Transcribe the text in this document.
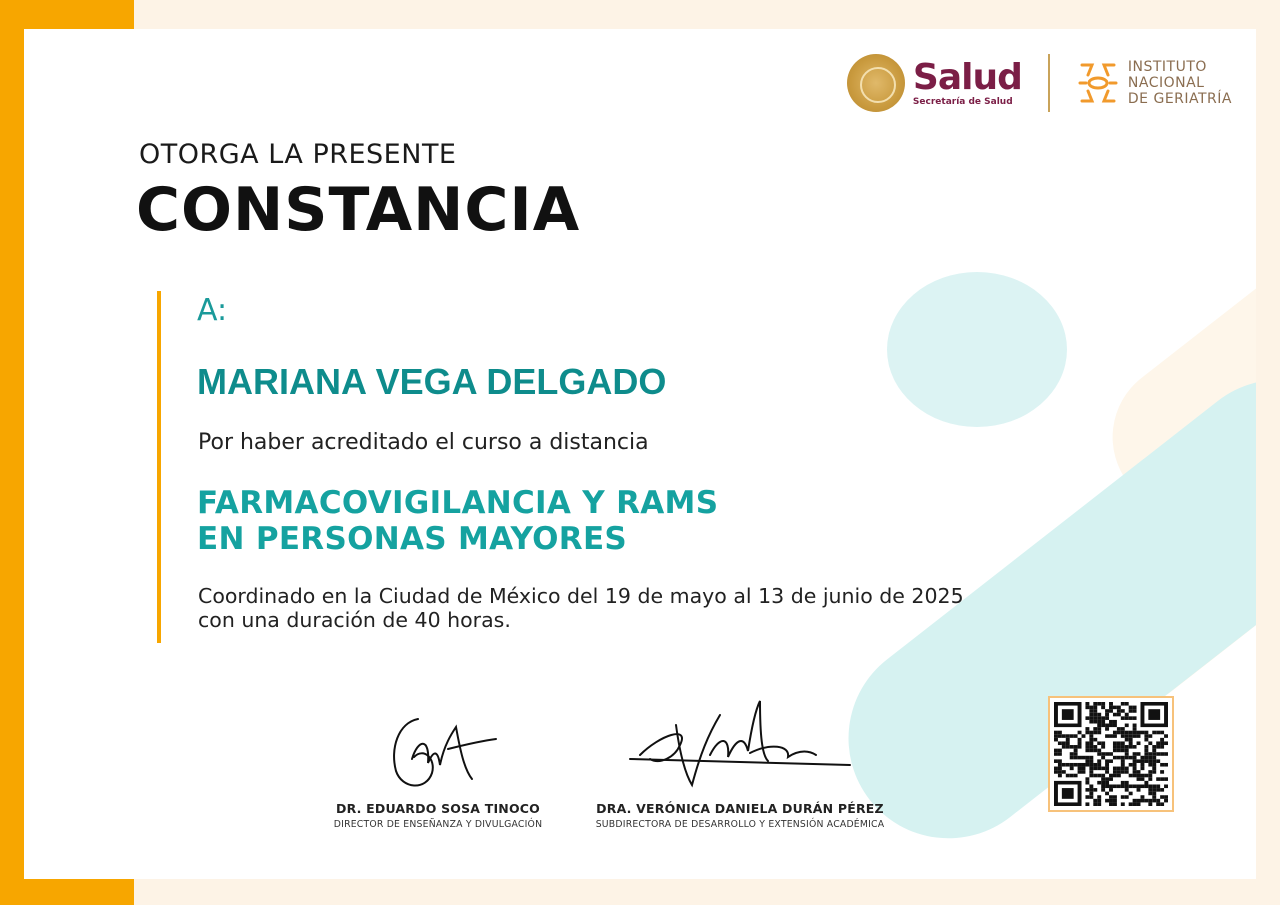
Salud
Secretaría de Salud
INSTITUTO
NACIONAL
DE GERIATRÍA
OTORGA LA PRESENTE
CONSTANCIA
A:
MARIANA VEGA DELGADO
Por haber acreditado el curso a distancia
FARMACOVIGILANCIA Y RAMS
EN PERSONAS MAYORES
Coordinado en la Ciudad de México del 19 de mayo al 13 de junio de 2025
con una duración de 40 horas.
DR. EDUARDO SOSA TINOCO
DIRECTOR DE ENSEÑANZA Y DIVULGACIÓN
DRA. VERÓNICA DANIELA DURÁN PÉREZ
SUBDIRECTORA DE DESARROLLO Y EXTENSIÓN ACADÉMICA
